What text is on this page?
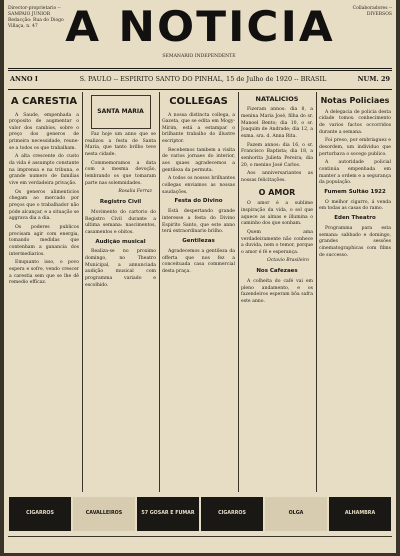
Director-proprietario -- SAMPAIO JUNIOR
Redacção: Rua do Diogo Villaça, n. 47 A NOTICIA	Collaboradores -- DIVERSOS
SEMANARIO INDEPENDENTE
ANNO I	S. PAULO -- ESPIRITO SANTO DO PINHAL, 15 de Julho de 1920 -- BRASIL	NUM. 29
A CARESTIA

A Saude, empenhada a proposito de augmentar o valor dos cambios, sobre o preço dos generos de primeira necessidade, reune-se a todos os que trabalham.

A alta crescente do custo da vida é assumpto constante na imprensa e na tribuna, e grande numero de familias vive em verdadeira privação.

Os generos alimenticios chegam ao mercado por preços que o trabalhador não póde alcançar, e a situação se aggrava dia a dia.

Os poderes publicos precisam agir com energia, tomando medidas que contenham a ganancia dos intermediarios.

Emquanto isso, o povo espera e sofre, vendo crescer a carestia sem que se lhe dê remedio efficaz.

SANTA MARIA

Faz hoje um anno que se realizou a festa de Santa Maria, que tanto brilho teve nesta cidade.

Commemoramos a data com a mesma devoção, lembrando os que tomaram parte nas solemnidades.

Rosalia Ferraz
Registro Civil

Movimento do cartorio do Registro Civil durante a ultima semana: nascimentos, casamentos e obitos.

Audição musical

Realiza-se no proximo domingo, no Theatro Municipal, a annunciada audição musical com programma variado e escolhido.

COLLEGAS

A nossa distincta collega, a Gazeta, que se edita em Mogy-Mirim, está a estampar o brilhante trabalho do illustre escriptor.

Recebemos tambem a visita de varios jornaes do interior, aos quaes agradecemos a gentileza da permuta.

A todos os nossos brilhantes collegas enviamos as nossas saudações.

Festa do Divino

Está despertando grande interesse a festa do Divino Espirito Santo, que este anno terá extraordinario brilho.

Gentilezas

Agradecemos a gentileza da offerta que nos fez a conceituada casa commercial desta praça.

NATALICIOS

Fizeram annos: dia 8, a menina Maria José, filha do sr. Manoel Bento; dia 10, o sr. Joaquim de Andrade; dia 12, a exma. sra. d. Anna Rita.

Fazem annos: dia 16, o sr. Francisco Baptista; dia 18, a senhorita Julieta Pereira; dia 20, o menino José Carlos.

Aos anniversariantes as nossas felicitações.

O AMOR

O amor é a sublime inspiração da vida, o sol que aquece as almas e illumina o caminho dos que sonham.

Quem ama verdadeiramente não conhece a duvida, nem o temor, porque o amor é fé e esperança.

Octavio Brasileiro
Nos Cafezaes

A colheita do café vai em pleno andamento, e os fazendeiros esperam bôa safra este anno.

Notas Policiaes

A delegacia de policia desta cidade tomou conhecimento de varios factos occorridos durante a semana.

Foi preso, por embriaguez e desordem, um individuo que perturbava o socego publico.

A autoridade policial continúa empenhada em manter a ordem e a segurança da população.

Fumem Sultão 1922

O melhor cigarro, á venda em todas as casas do ramo.

Eden Theatro

Programma para esta semana: sabbado e domingo, grandes sessões cinematographicas com films de successo.

CIGARROS	CAVALLEIROS	57 GOSAR E FUMAR	CIGARROS	OLGA	ALHAMBRA
